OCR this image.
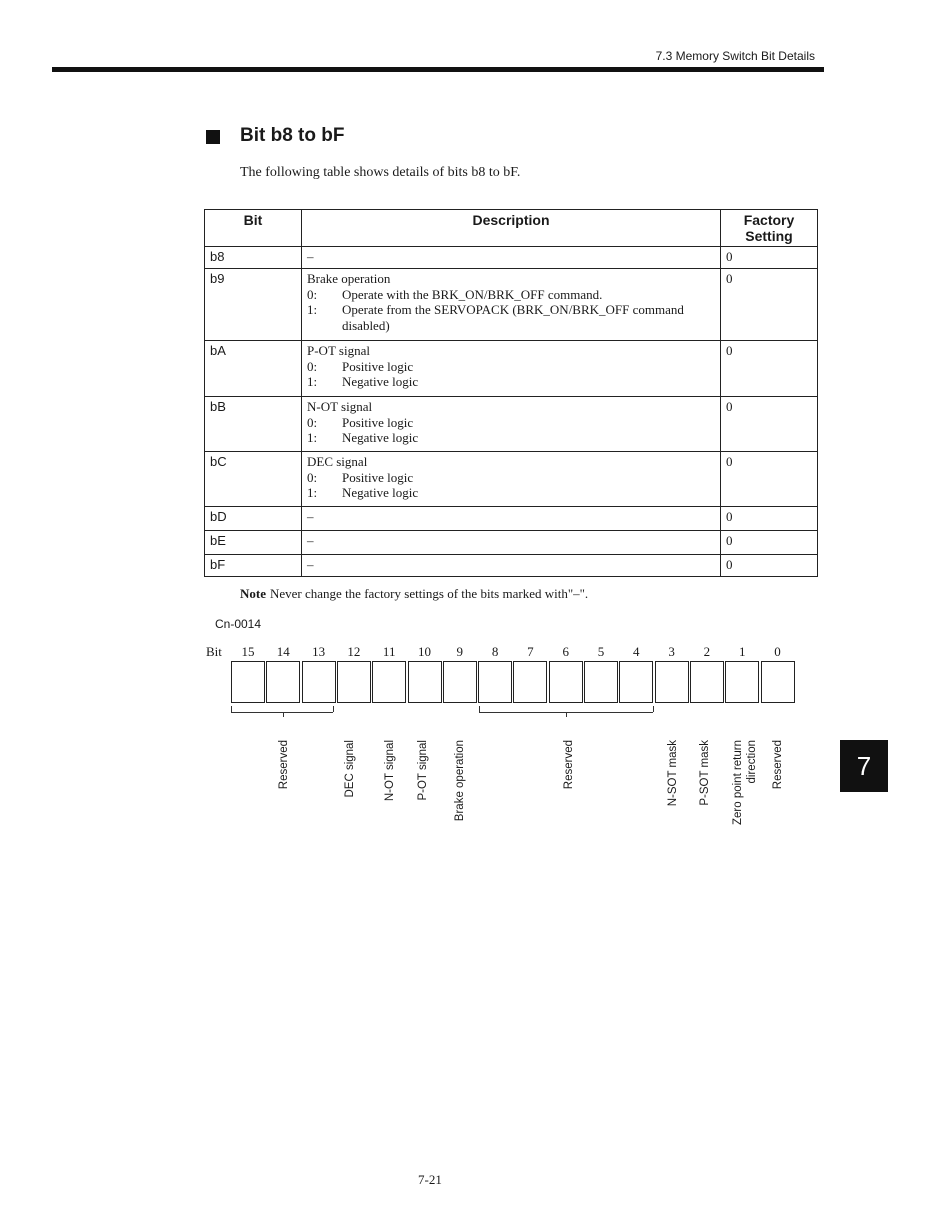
7.3 Memory Switch Bit Details
Bit b8 to bF
The following table shows details of bits b8 to bF.
Bit	Description	Factory Setting
b8	–	0
b9	Brake operation
0: Operate with the BRK_ON/BRK_OFF command.
1: Operate from the SERVOPACK (BRK_ON/BRK_OFF command disabled)	0
bA	P-OT signal
0: Positive logic
1: Negative logic	0
bB	N-OT signal
0: Positive logic
1: Negative logic	0
bC	DEC signal
0: Positive logic
1: Negative logic	0
bD	–	0
bE	–	0
bF	–	0
Note Never change the factory settings of the bits marked with"–".
Cn-0014
Bit	15	14	13	12	11	10	9	8	7	6	5	4	3	2	1	0
Reserved	DEC signal N-OT signal P-OT signal Brake operation	Reserved	N-SOT mask P-SOT mask Zero point return direction Reserved	7
7-21
